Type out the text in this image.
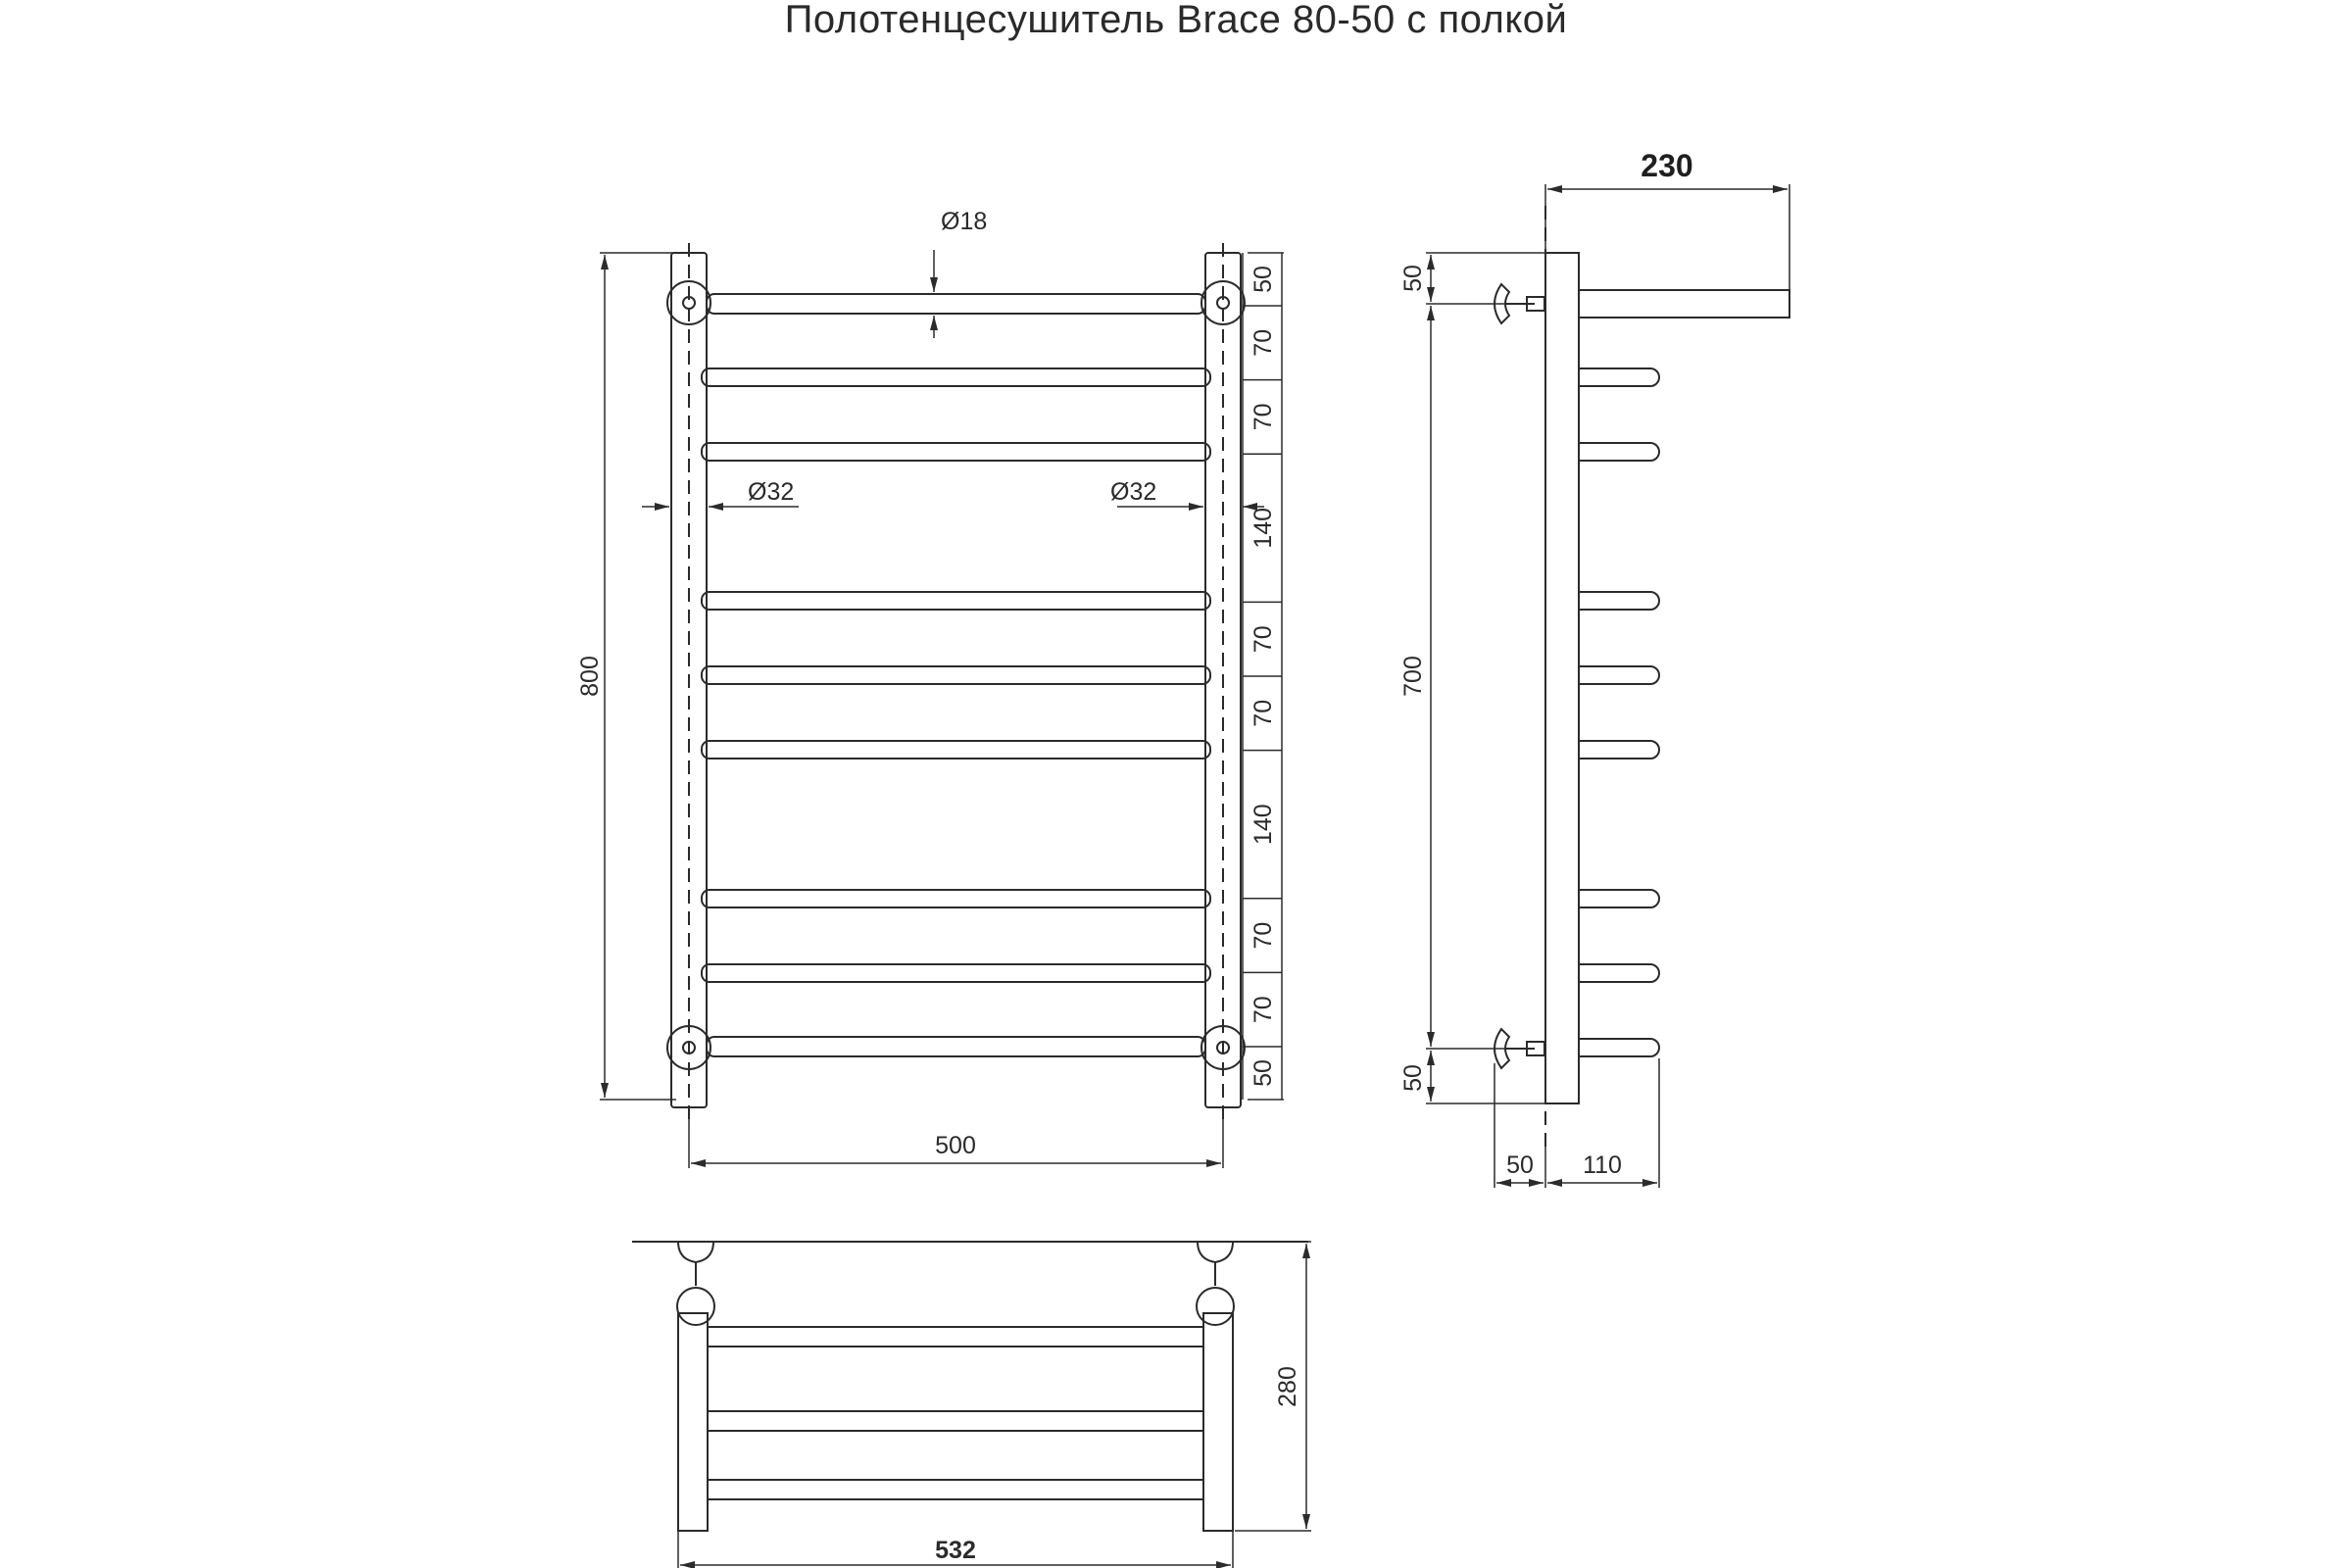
Полотенцесушитель Brace 80-50 с полкой
800
500
Ø18
Ø32	Ø32
50
70
70
140
70
70
140
70
70
50
230
50
700
50
50 110
280
532
